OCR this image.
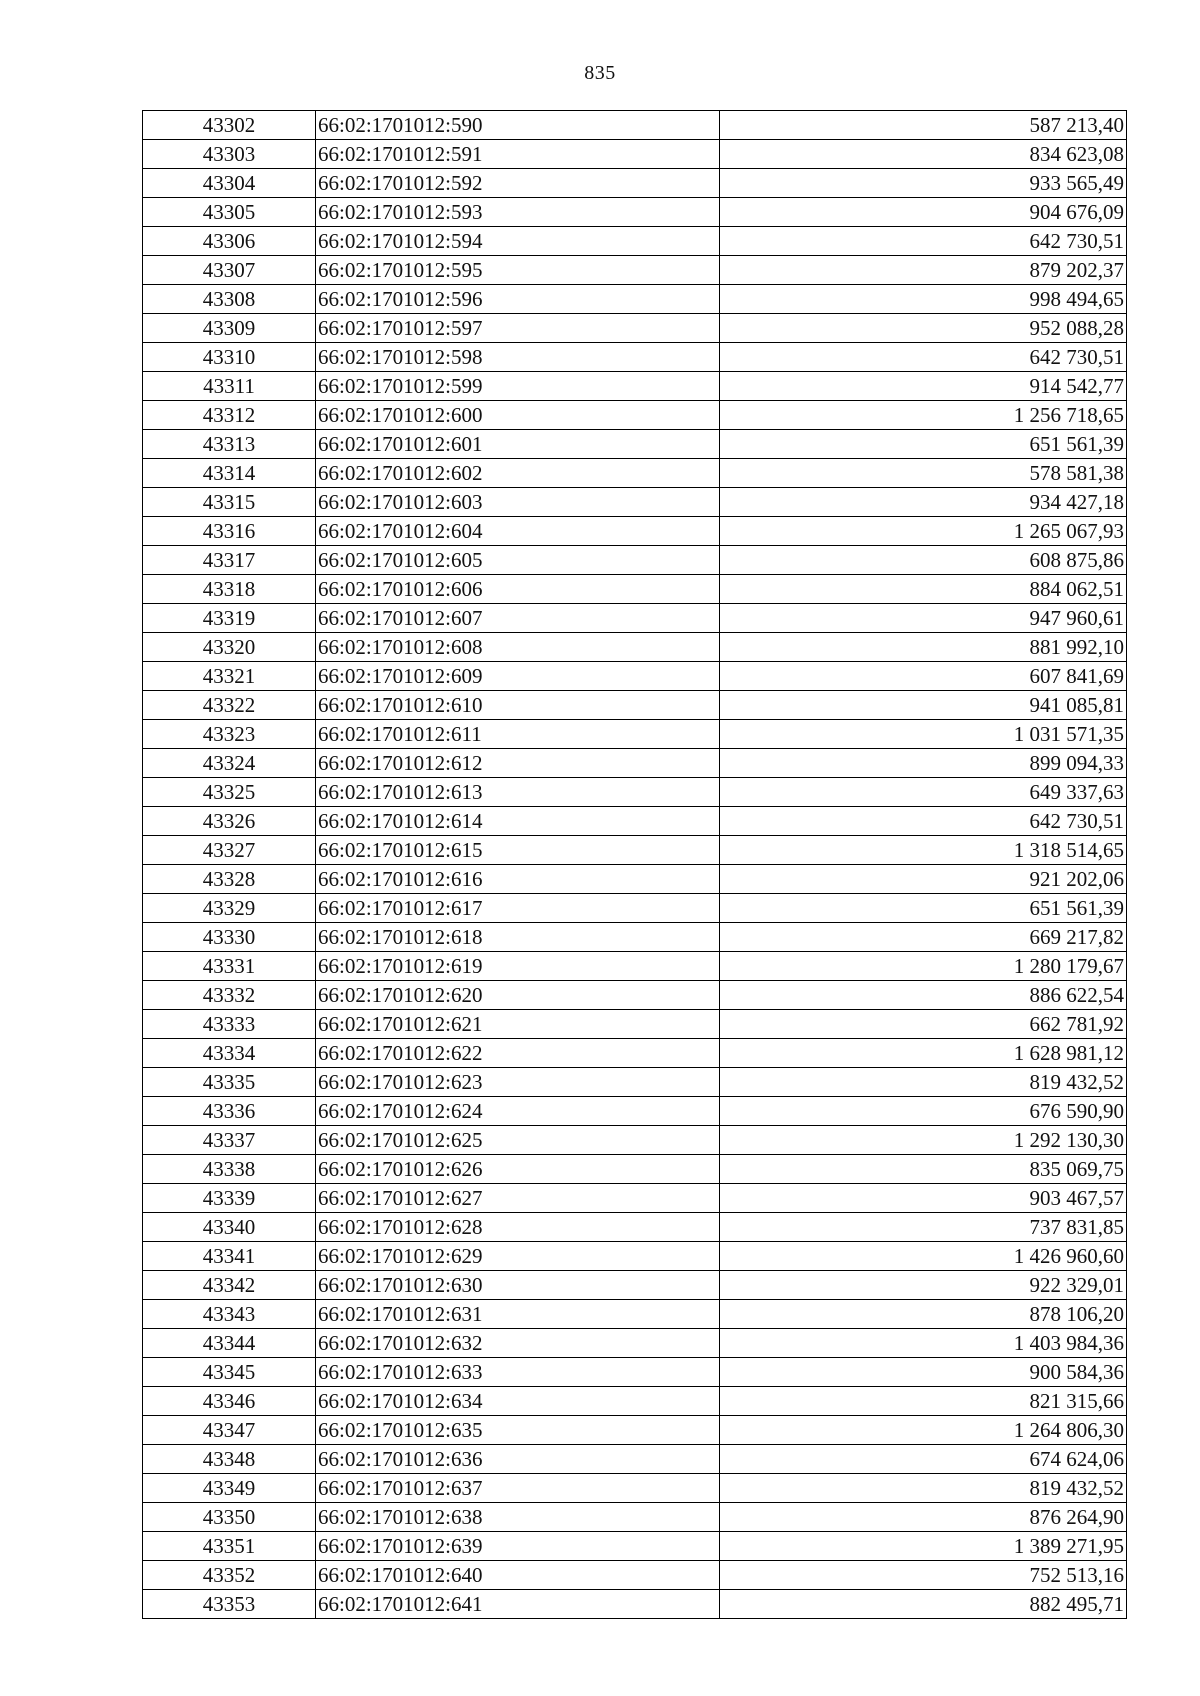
835
43302	66:02:1701012:590	587 213,40
43303	66:02:1701012:591	834 623,08
43304	66:02:1701012:592	933 565,49
43305	66:02:1701012:593	904 676,09
43306	66:02:1701012:594	642 730,51
43307	66:02:1701012:595	879 202,37
43308	66:02:1701012:596	998 494,65
43309	66:02:1701012:597	952 088,28
43310	66:02:1701012:598	642 730,51
43311	66:02:1701012:599	914 542,77
43312	66:02:1701012:600	1 256 718,65
43313	66:02:1701012:601	651 561,39
43314	66:02:1701012:602	578 581,38
43315	66:02:1701012:603	934 427,18
43316	66:02:1701012:604	1 265 067,93
43317	66:02:1701012:605	608 875,86
43318	66:02:1701012:606	884 062,51
43319	66:02:1701012:607	947 960,61
43320	66:02:1701012:608	881 992,10
43321	66:02:1701012:609	607 841,69
43322	66:02:1701012:610	941 085,81
43323	66:02:1701012:611	1 031 571,35
43324	66:02:1701012:612	899 094,33
43325	66:02:1701012:613	649 337,63
43326	66:02:1701012:614	642 730,51
43327	66:02:1701012:615	1 318 514,65
43328	66:02:1701012:616	921 202,06
43329	66:02:1701012:617	651 561,39
43330	66:02:1701012:618	669 217,82
43331	66:02:1701012:619	1 280 179,67
43332	66:02:1701012:620	886 622,54
43333	66:02:1701012:621	662 781,92
43334	66:02:1701012:622	1 628 981,12
43335	66:02:1701012:623	819 432,52
43336	66:02:1701012:624	676 590,90
43337	66:02:1701012:625	1 292 130,30
43338	66:02:1701012:626	835 069,75
43339	66:02:1701012:627	903 467,57
43340	66:02:1701012:628	737 831,85
43341	66:02:1701012:629	1 426 960,60
43342	66:02:1701012:630	922 329,01
43343	66:02:1701012:631	878 106,20
43344	66:02:1701012:632	1 403 984,36
43345	66:02:1701012:633	900 584,36
43346	66:02:1701012:634	821 315,66
43347	66:02:1701012:635	1 264 806,30
43348	66:02:1701012:636	674 624,06
43349	66:02:1701012:637	819 432,52
43350	66:02:1701012:638	876 264,90
43351	66:02:1701012:639	1 389 271,95
43352	66:02:1701012:640	752 513,16
43353	66:02:1701012:641	882 495,71
